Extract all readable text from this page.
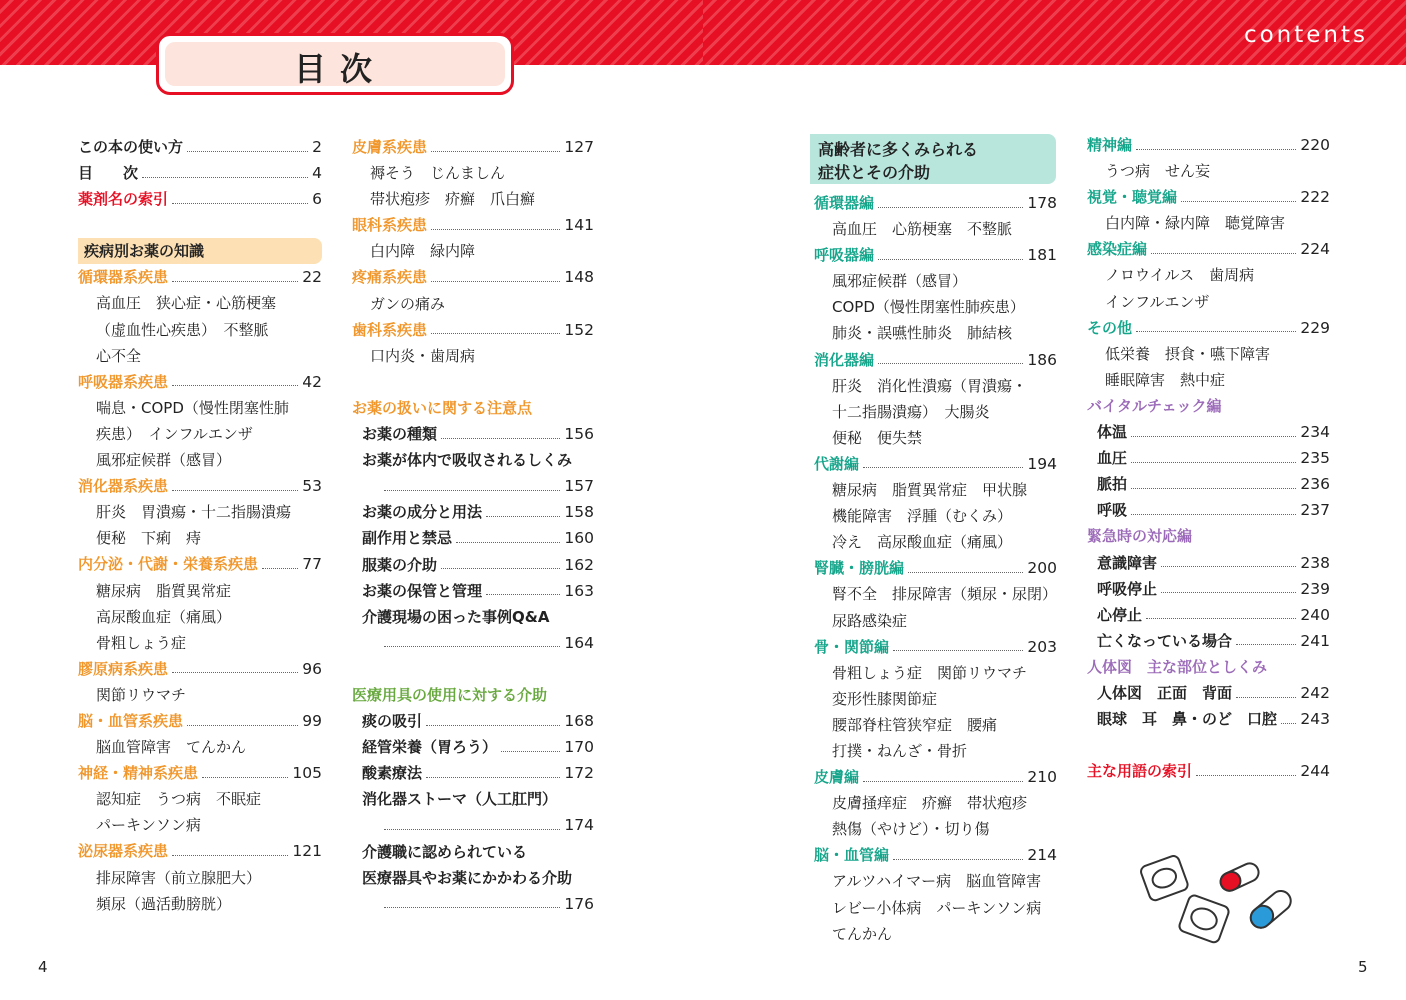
contents
目次
この本の使い方	2
目　　次	4
薬剤名の索引	6
疾病別お薬の知識
循環器系疾患	22
高血圧　狭心症・心筋梗塞
（虚血性心疾患）　不整脈
心不全
呼吸器系疾患	42
喘息・COPD（慢性閉塞性肺
疾患）　インフルエンザ
風邪症候群（感冒）
消化器系疾患	53
肝炎　胃潰瘍・十二指腸潰瘍
便秘　下痢　痔
内分泌・代謝・栄養系疾患	77
糖尿病　脂質異常症
高尿酸血症（痛風）
骨粗しょう症
膠原病系疾患	96
関節リウマチ
脳・血管系疾患	99
脳血管障害　てんかん
神経・精神系疾患	105
認知症　うつ病　不眠症
パーキンソン病
泌尿器系疾患	121
排尿障害（前立腺肥大）
頻尿（過活動膀胱）
皮膚系疾患	127
褥そう　じんましん
帯状疱疹　疥癬　爪白癬
眼科系疾患	141
白内障　緑内障
疼痛系疾患	148
ガンの痛み
歯科系疾患	152
口内炎・歯周病
お薬の扱いに関する注意点
お薬の種類	156
お薬が体内で吸収されるしくみ
157
お薬の成分と用法	158
副作用と禁忌	160
服薬の介助	162
お薬の保管と管理	163
介護現場の困った事例Q&A
164
医療用具の使用に対する介助
痰の吸引	168
経管栄養（胃ろう）	170
酸素療法	172
消化器ストーマ（人工肛門）
174
介護職に認められている
医療器具やお薬にかかわる介助
176
高齢者に多くみられる
症状とその介助
循環器編	178
高血圧　心筋梗塞　不整脈
呼吸器編	181
風邪症候群（感冒）
COPD（慢性閉塞性肺疾患）
肺炎・誤嚥性肺炎　肺結核
消化器編	186
肝炎　消化性潰瘍（胃潰瘍・
十二指腸潰瘍）　大腸炎
便秘　便失禁
代謝編	194
糖尿病　脂質異常症　甲状腺
機能障害　浮腫（むくみ）
冷え　高尿酸血症（痛風）
腎臓・膀胱編	200
腎不全　排尿障害（頻尿・尿閉）
尿路感染症
骨・関節編	203
骨粗しょう症　関節リウマチ
変形性膝関節症
腰部脊柱管狭窄症　腰痛
打撲・ねんざ・骨折
皮膚編	210
皮膚掻痒症　疥癬　帯状疱疹
熱傷（やけど）・切り傷
脳・血管編	214
アルツハイマー病　脳血管障害
レビー小体病　パーキンソン病
てんかん
精神編	220
うつ病　せん妄
視覚・聴覚編	222
白内障・緑内障　聴覚障害
感染症編	224
ノロウイルス　歯周病
インフルエンザ
その他	229
低栄養　摂食・嚥下障害
睡眠障害　熱中症
バイタルチェック編
体温	234
血圧	235
脈拍	236
呼吸	237
緊急時の対応編
意識障害	238
呼吸停止	239
心停止	240
亡くなっている場合	241
人体図　主な部位としくみ
人体図　正面　背面	242
眼球　耳　鼻・のど　口腔 243
主な用語の索引	244
4	5
